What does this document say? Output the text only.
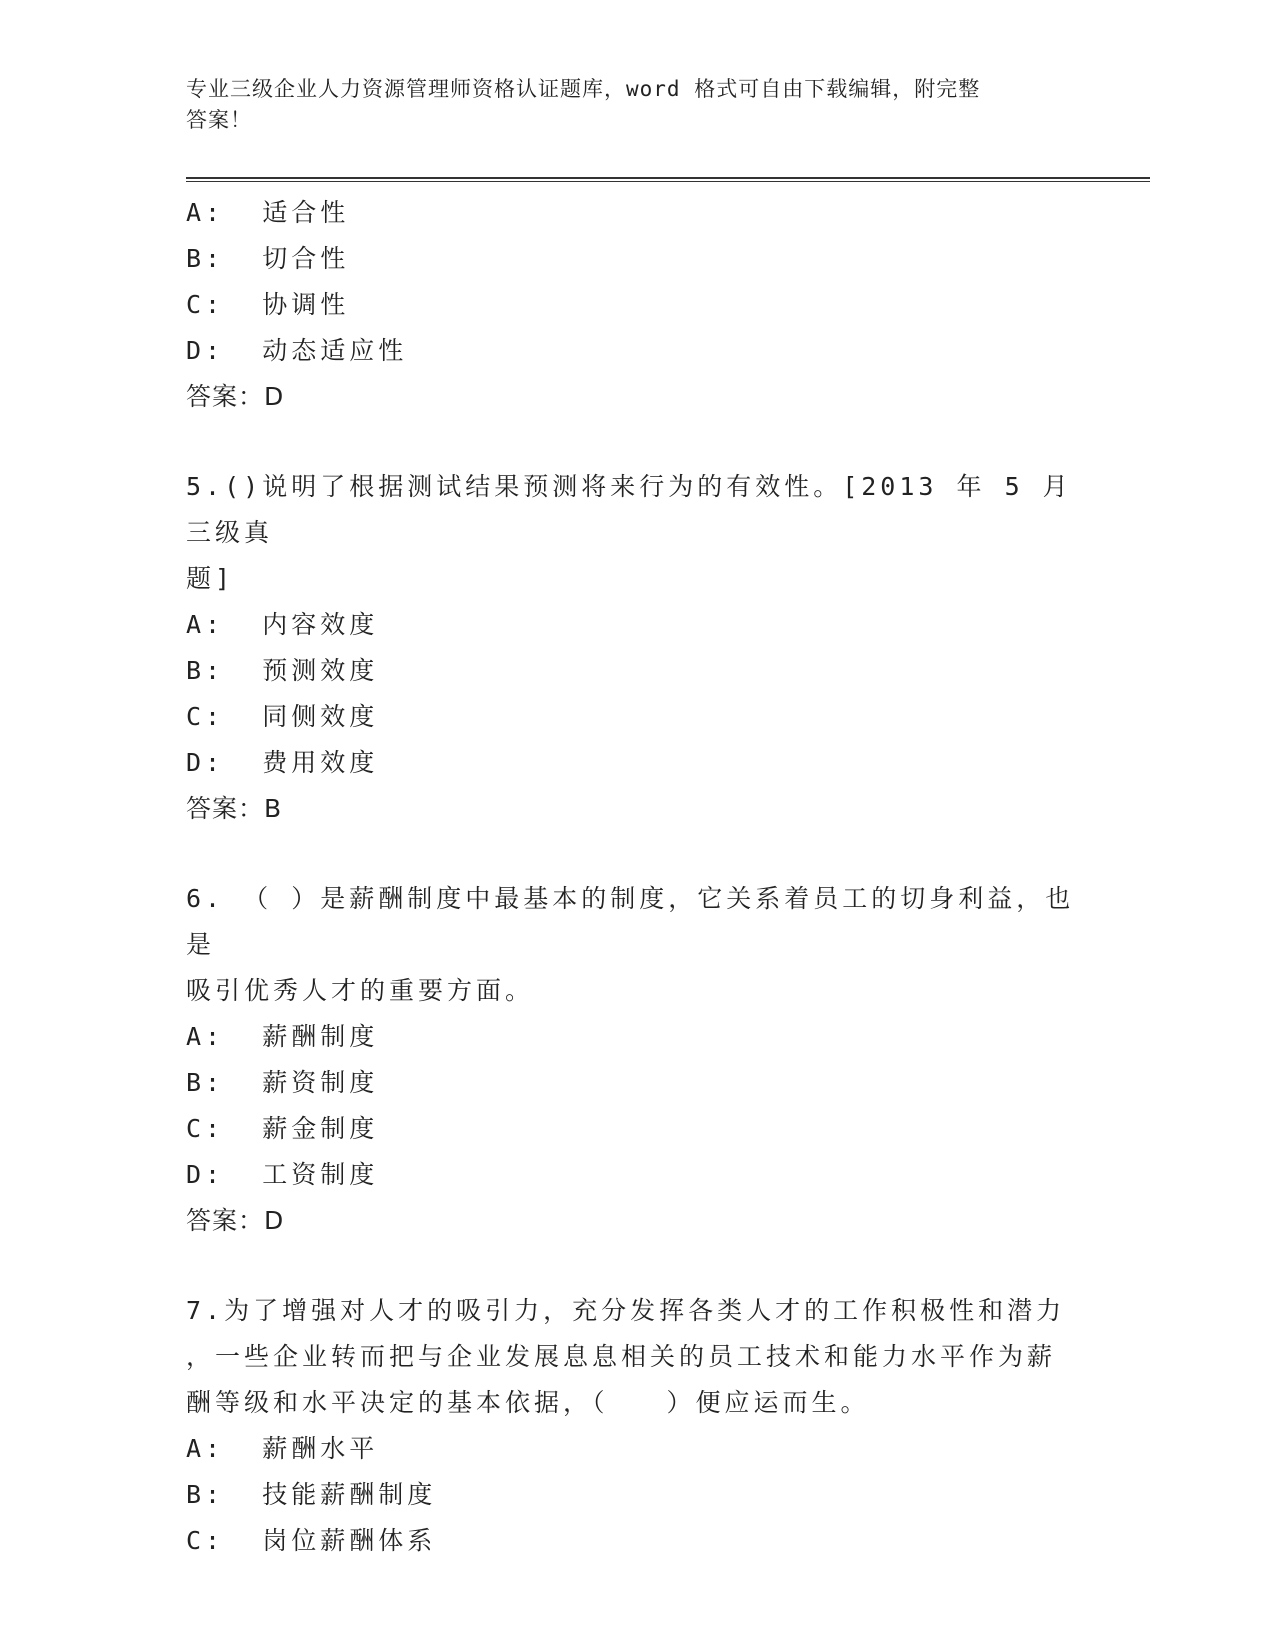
专业三级企业人力资源管理师资格认证题库，word 格式可自由下载编辑，附完整
答案！
A:  适合性
B:  切合性
C:  协调性
D:  动态适应性
答案：D
5.()说明了根据测试结果预测将来行为的有效性。[2013 年 5 月三级真
题]
A:  内容效度
B:  预测效度
C:  同侧效度
D:  费用效度
答案：B
6. （ ）是薪酬制度中最基本的制度，它关系着员工的切身利益，也是
吸引优秀人才的重要方面。
A:  薪酬制度
B:  薪资制度
C:  薪金制度
D:  工资制度
答案：D
7.为了增强对人才的吸引力，充分发挥各类人才的工作积极性和潜力
，一些企业转而把与企业发展息息相关的员工技术和能力水平作为薪
酬等级和水平决定的基本依据，（　　）便应运而生。
A:  薪酬水平
B:  技能薪酬制度
C:  岗位薪酬体系
